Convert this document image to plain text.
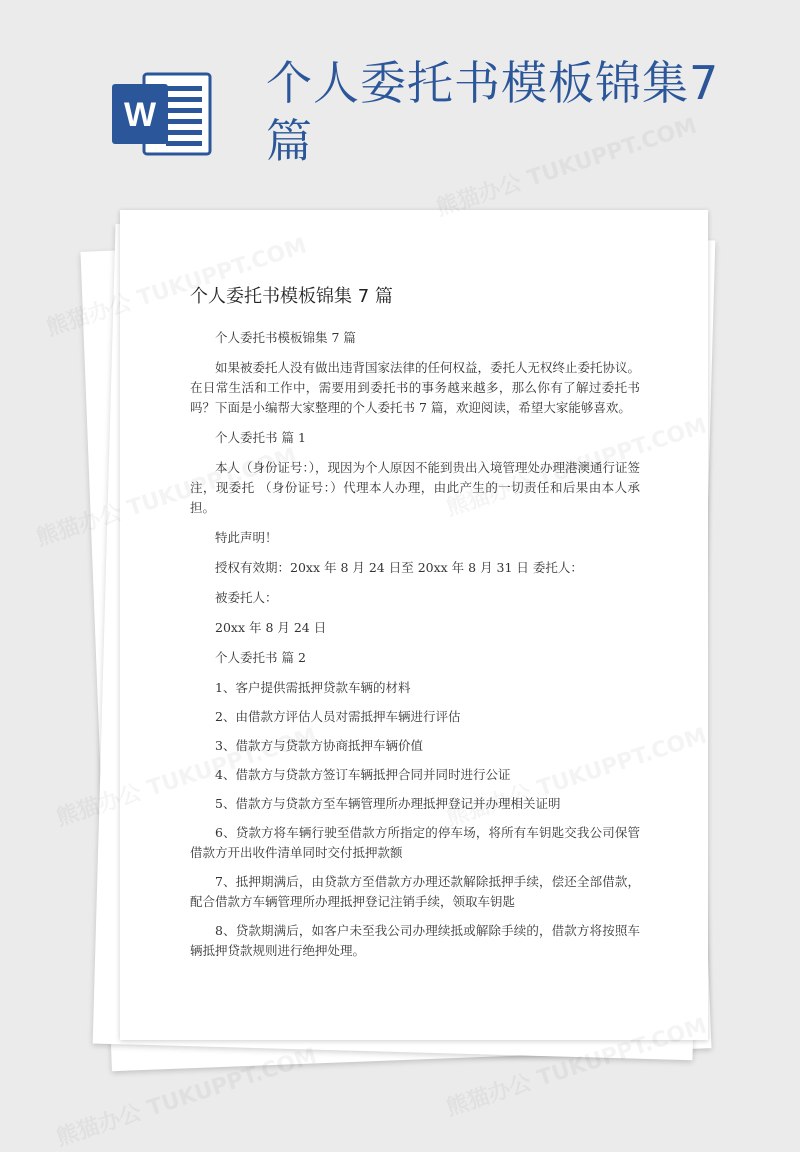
W
个人委托书模板锦集7篇
个人委托书模板锦集 7 篇

个人委托书模板锦集 7 篇

如果被委托人没有做出违背国家法律的任何权益，委托人无权终止委托协议。在日常生活和工作中，需要用到委托书的事务越来越多，那么你有了解过委托书吗？下面是小编帮大家整理的个人委托书 7 篇，欢迎阅读，希望大家能够喜欢。

个人委托书 篇 1

本人（身份证号：），现因为个人原因不能到贵出入境管理处办理港澳通行证签注，现委托 （身份证号：）代理本人办理，由此产生的一切责任和后果由本人承担。

特此声明！

授权有效期：20xx 年 8 月 24 日至 20xx 年 8 月 31 日 委托人：

被委托人：

20xx 年 8 月 24 日

个人委托书 篇 2

1、客户提供需抵押贷款车辆的材料

2、由借款方评估人员对需抵押车辆进行评估

3、借款方与贷款方协商抵押车辆价值

4、借款方与贷款方签订车辆抵押合同并同时进行公证

5、借款方与贷款方至车辆管理所办理抵押登记并办理相关证明

6、贷款方将车辆行驶至借款方所指定的停车场，将所有车钥匙交我公司保管借款方开出收件清单同时交付抵押款额

7、抵押期满后，由贷款方至借款方办理还款解除抵押手续，偿还全部借款，配合借款方车辆管理所办理抵押登记注销手续，领取车钥匙

8、贷款期满后，如客户未至我公司办理续抵或解除手续的，借款方将按照车辆抵押贷款规则进行绝押处理。
